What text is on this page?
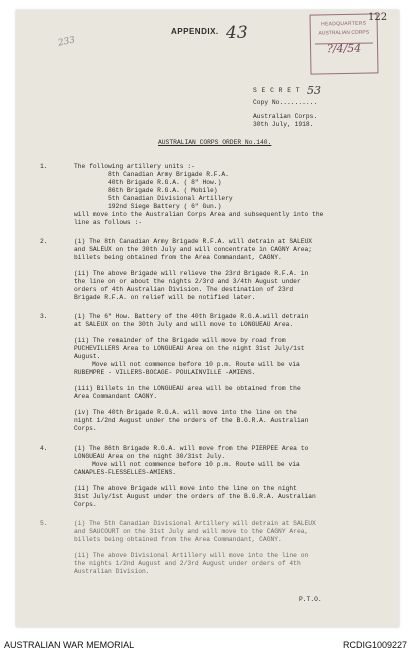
233
APPENDIX. 43	HEADQUARTERS
AUSTRALIAN CORPS
?/4/54
122
S E C R E T 53
Copy No..........
Australian Corps.
30th July, 1918.
AUSTRALIAN CORPS ORDER No.140.
1.	The following artillery units :-
8th Canadian Army Brigade R.F.A.
40th Brigade R.G.A. ( 8" How.)
86th Brigade R.G.A. ( Mobile)
5th Canadian Divisional Artillery
192nd Siege Battery ( 6" Gun.)
will move into the Australian Corps Area and subsequently into the
line as follows :-
2.	(i) The 8th Canadian Army Brigade R.F.A. will detrain at SALEUX
and SALEUX on the 30th July and will concentrate in CAGNY Area;
billets being obtained from the Area Commandant, CAGNY.
(ii) The above Brigade will relieve the 23rd Brigade R.F.A. in
the line on or about the nights 2/3rd and 3/4th August under
orders of 4th Australian Division. The destination of 23rd
Brigade R.F.A. on relief will be notified later.
3.	(i) The 6" How. Battery of the 40th Brigade R.G.A.will detrain
at SALEUX on the 30th July and will move to LONGUEAU Area.
(ii) The remainder of the Brigade will move by road from
PUCHEVILLERS Area to LONGUEAU Area on the night 31st July/1st
August.
Move will not commence before 10 p.m. Route will be via
RUBEMPRE - VILLERS-BOCAGE- POULAINVILLE -AMIENS.
(iii) Billets in the LONGUEAU area will be obtained from the
Area Commandant CAGNY.
(iv) The 40th Brigade R.G.A. will move into the line on the
night 1/2nd August under the orders of the B.G.R.A. Australian
Corps.
4.	(i) The 86th Brigade R.G.A. will move from the PIERPEE Area to
LONGUEAU Area on the night 30/31st July.
Move will not commence before 10 p.m. Route will be via
CANAPLES-FLESSELLES-AMIENS.
(ii) The above Brigade will move into the line on the night
31st July/1st August under the orders of the B.G.R.A. Australian
Corps.
5.	(i) The 5th Canadian Divisional Artillery will detrain at SALEUX
and SAUCOURT on the 31st July and will move to the CAGNY Area,
billets being obtained from the Area Commandant, CAGNY.
(ii) The above Divisional Artillery will move into the line on
the nights 1/2nd August and 2/3rd August under orders of 4th
Australian Division.
P.T.O.
AUSTRALIAN WAR MEMORIAL	RCDIG1009227
